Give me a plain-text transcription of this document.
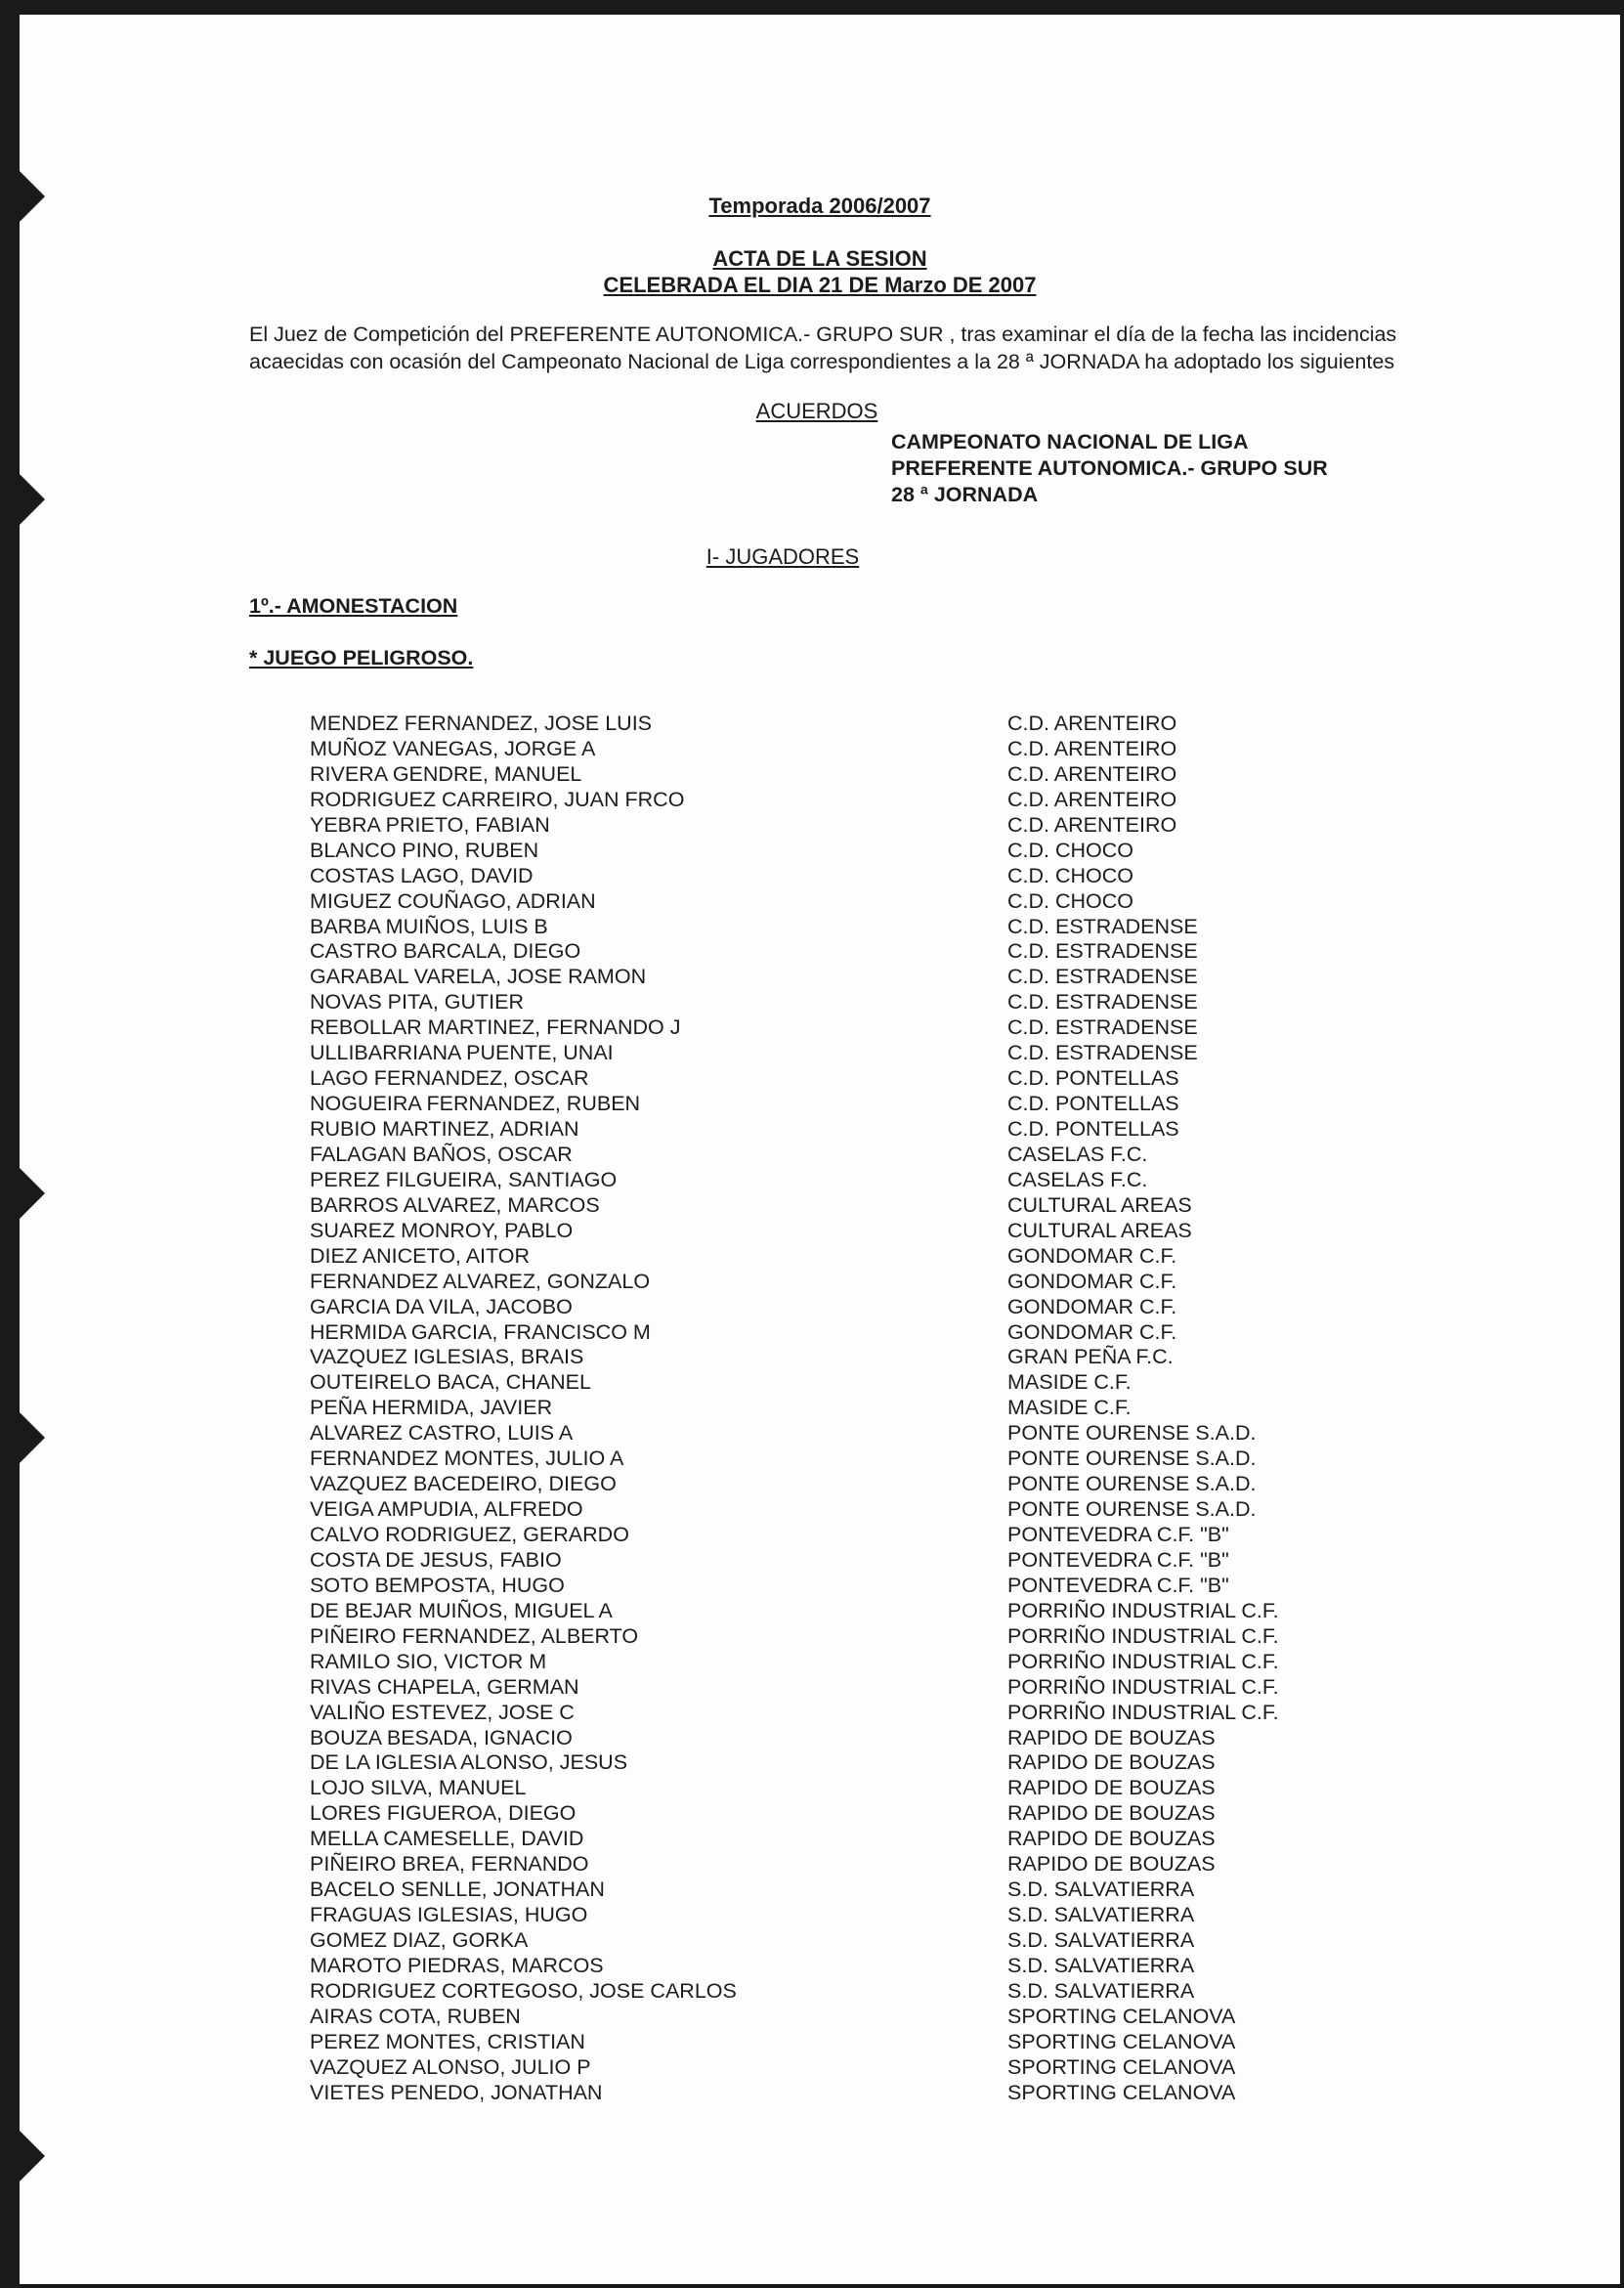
Temporada 2006/2007
ACTA DE LA SESION
CELEBRADA EL DIA 21 DE Marzo DE 2007

El Juez de Competición del PREFERENTE AUTONOMICA.- GRUPO SUR , tras examinar el día de la fecha las incidencias acaecidas con ocasión del Campeonato Nacional de Liga correspondientes a la 28 ª JORNADA ha adoptado los siguientes

ACUERDOS
CAMPEONATO NACIONAL DE LIGA
PREFERENTE AUTONOMICA.- GRUPO SUR
28 ª JORNADA
I- JUGADORES
1º.- AMONESTACION
* JUEGO PELIGROSO.
MENDEZ FERNANDEZ, JOSE LUIS	C.D. ARENTEIRO
MUÑOZ VANEGAS, JORGE A	C.D. ARENTEIRO
RIVERA GENDRE, MANUEL	C.D. ARENTEIRO
RODRIGUEZ CARREIRO, JUAN FRCO	C.D. ARENTEIRO
YEBRA PRIETO, FABIAN	C.D. ARENTEIRO
BLANCO PINO, RUBEN	C.D. CHOCO
COSTAS LAGO, DAVID	C.D. CHOCO
MIGUEZ COUÑAGO, ADRIAN	C.D. CHOCO
BARBA MUIÑOS, LUIS B	C.D. ESTRADENSE
CASTRO BARCALA, DIEGO	C.D. ESTRADENSE
GARABAL VARELA, JOSE RAMON	C.D. ESTRADENSE
NOVAS PITA, GUTIER	C.D. ESTRADENSE
REBOLLAR MARTINEZ, FERNANDO J	C.D. ESTRADENSE
ULLIBARRIANA PUENTE, UNAI	C.D. ESTRADENSE
LAGO FERNANDEZ, OSCAR	C.D. PONTELLAS
NOGUEIRA FERNANDEZ, RUBEN	C.D. PONTELLAS
RUBIO MARTINEZ, ADRIAN	C.D. PONTELLAS
FALAGAN BAÑOS, OSCAR	CASELAS F.C.
PEREZ FILGUEIRA, SANTIAGO	CASELAS F.C.
BARROS ALVAREZ, MARCOS	CULTURAL AREAS
SUAREZ MONROY, PABLO	CULTURAL AREAS
DIEZ ANICETO, AITOR	GONDOMAR C.F.
FERNANDEZ ALVAREZ, GONZALO	GONDOMAR C.F.
GARCIA DA VILA, JACOBO	GONDOMAR C.F.
HERMIDA GARCIA, FRANCISCO M	GONDOMAR C.F.
VAZQUEZ IGLESIAS, BRAIS	GRAN PEÑA F.C.
OUTEIRELO BACA, CHANEL	MASIDE C.F.
PEÑA HERMIDA, JAVIER	MASIDE C.F.
ALVAREZ CASTRO, LUIS A	PONTE OURENSE S.A.D.
FERNANDEZ MONTES, JULIO A	PONTE OURENSE S.A.D.
VAZQUEZ BACEDEIRO, DIEGO	PONTE OURENSE S.A.D.
VEIGA AMPUDIA, ALFREDO	PONTE OURENSE S.A.D.
CALVO RODRIGUEZ, GERARDO	PONTEVEDRA C.F. "B"
COSTA DE JESUS, FABIO	PONTEVEDRA C.F. "B"
SOTO BEMPOSTA, HUGO	PONTEVEDRA C.F. "B"
DE BEJAR MUIÑOS, MIGUEL A	PORRIÑO INDUSTRIAL C.F.
PIÑEIRO FERNANDEZ, ALBERTO	PORRIÑO INDUSTRIAL C.F.
RAMILO SIO, VICTOR M	PORRIÑO INDUSTRIAL C.F.
RIVAS CHAPELA, GERMAN	PORRIÑO INDUSTRIAL C.F.
VALIÑO ESTEVEZ, JOSE C	PORRIÑO INDUSTRIAL C.F.
BOUZA BESADA, IGNACIO	RAPIDO DE BOUZAS
DE LA IGLESIA ALONSO, JESUS	RAPIDO DE BOUZAS
LOJO SILVA, MANUEL	RAPIDO DE BOUZAS
LORES FIGUEROA, DIEGO	RAPIDO DE BOUZAS
MELLA CAMESELLE, DAVID	RAPIDO DE BOUZAS
PIÑEIRO BREA, FERNANDO	RAPIDO DE BOUZAS
BACELO SENLLE, JONATHAN	S.D. SALVATIERRA
FRAGUAS IGLESIAS, HUGO	S.D. SALVATIERRA
GOMEZ DIAZ, GORKA	S.D. SALVATIERRA
MAROTO PIEDRAS, MARCOS	S.D. SALVATIERRA
RODRIGUEZ CORTEGOSO, JOSE CARLOS	S.D. SALVATIERRA
AIRAS COTA, RUBEN	SPORTING CELANOVA
PEREZ MONTES, CRISTIAN	SPORTING CELANOVA
VAZQUEZ ALONSO, JULIO P	SPORTING CELANOVA
VIETES PENEDO, JONATHAN	SPORTING CELANOVA
